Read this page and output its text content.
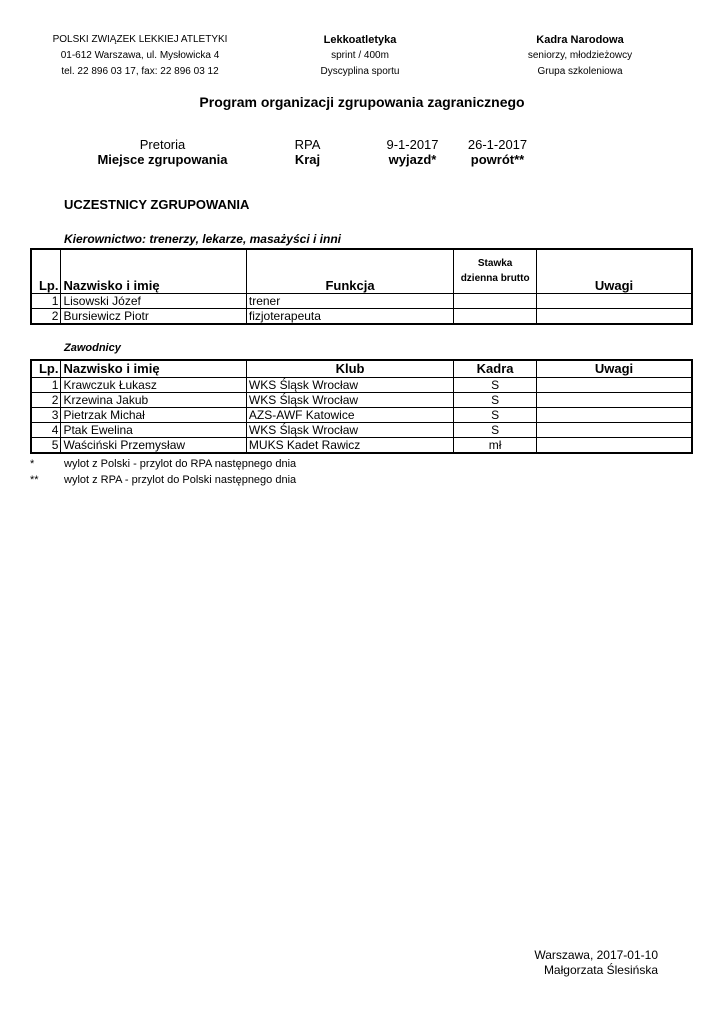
POLSKI ZWIĄZEK LEKKIEJ ATLETYKI
01-612 Warszawa, ul. Mysłowicka 4
tel. 22 896 03 17, fax: 22 896 03 12
Lekkoatletyka
sprint / 400m
Dyscyplina sportu
Kadra Narodowa
seniorzy, młodzieżowcy
Grupa szkoleniowa
Program organizacji zgrupowania zagranicznego
Pretoria
Miejsce zgrupowania
RPA
Kraj
9-1-2017
wyjazd*
26-1-2017
powrót**
UCZESTNICY ZGRUPOWANIA
Kierownictwo: trenerzy, lekarze, masażyści i inni
Lp.	Nazwisko i imię	Funkcja	Stawka
dzienna brutto	Uwagi
1	Lisowski Józef	trener		
2	Bursiewicz Piotr	fizjoterapeuta		
Zawodnicy
Lp.	Nazwisko i imię	Klub	Kadra	Uwagi
1	Krawczuk Łukasz	WKS Śląsk Wrocław	S	
2	Krzewina Jakub	WKS Śląsk Wrocław	S	
3	Pietrzak Michał	AZS-AWF Katowice	S	
4	Ptak Ewelina	WKS Śląsk Wrocław	S	
5	Waściński Przemysław	MUKS Kadet Rawicz	mł	
*	wylot z Polski - przylot do RPA następnego dnia
** wylot z RPA - przylot do Polski następnego dnia
Warszawa, 2017-01-10
Małgorzata Ślesińska
